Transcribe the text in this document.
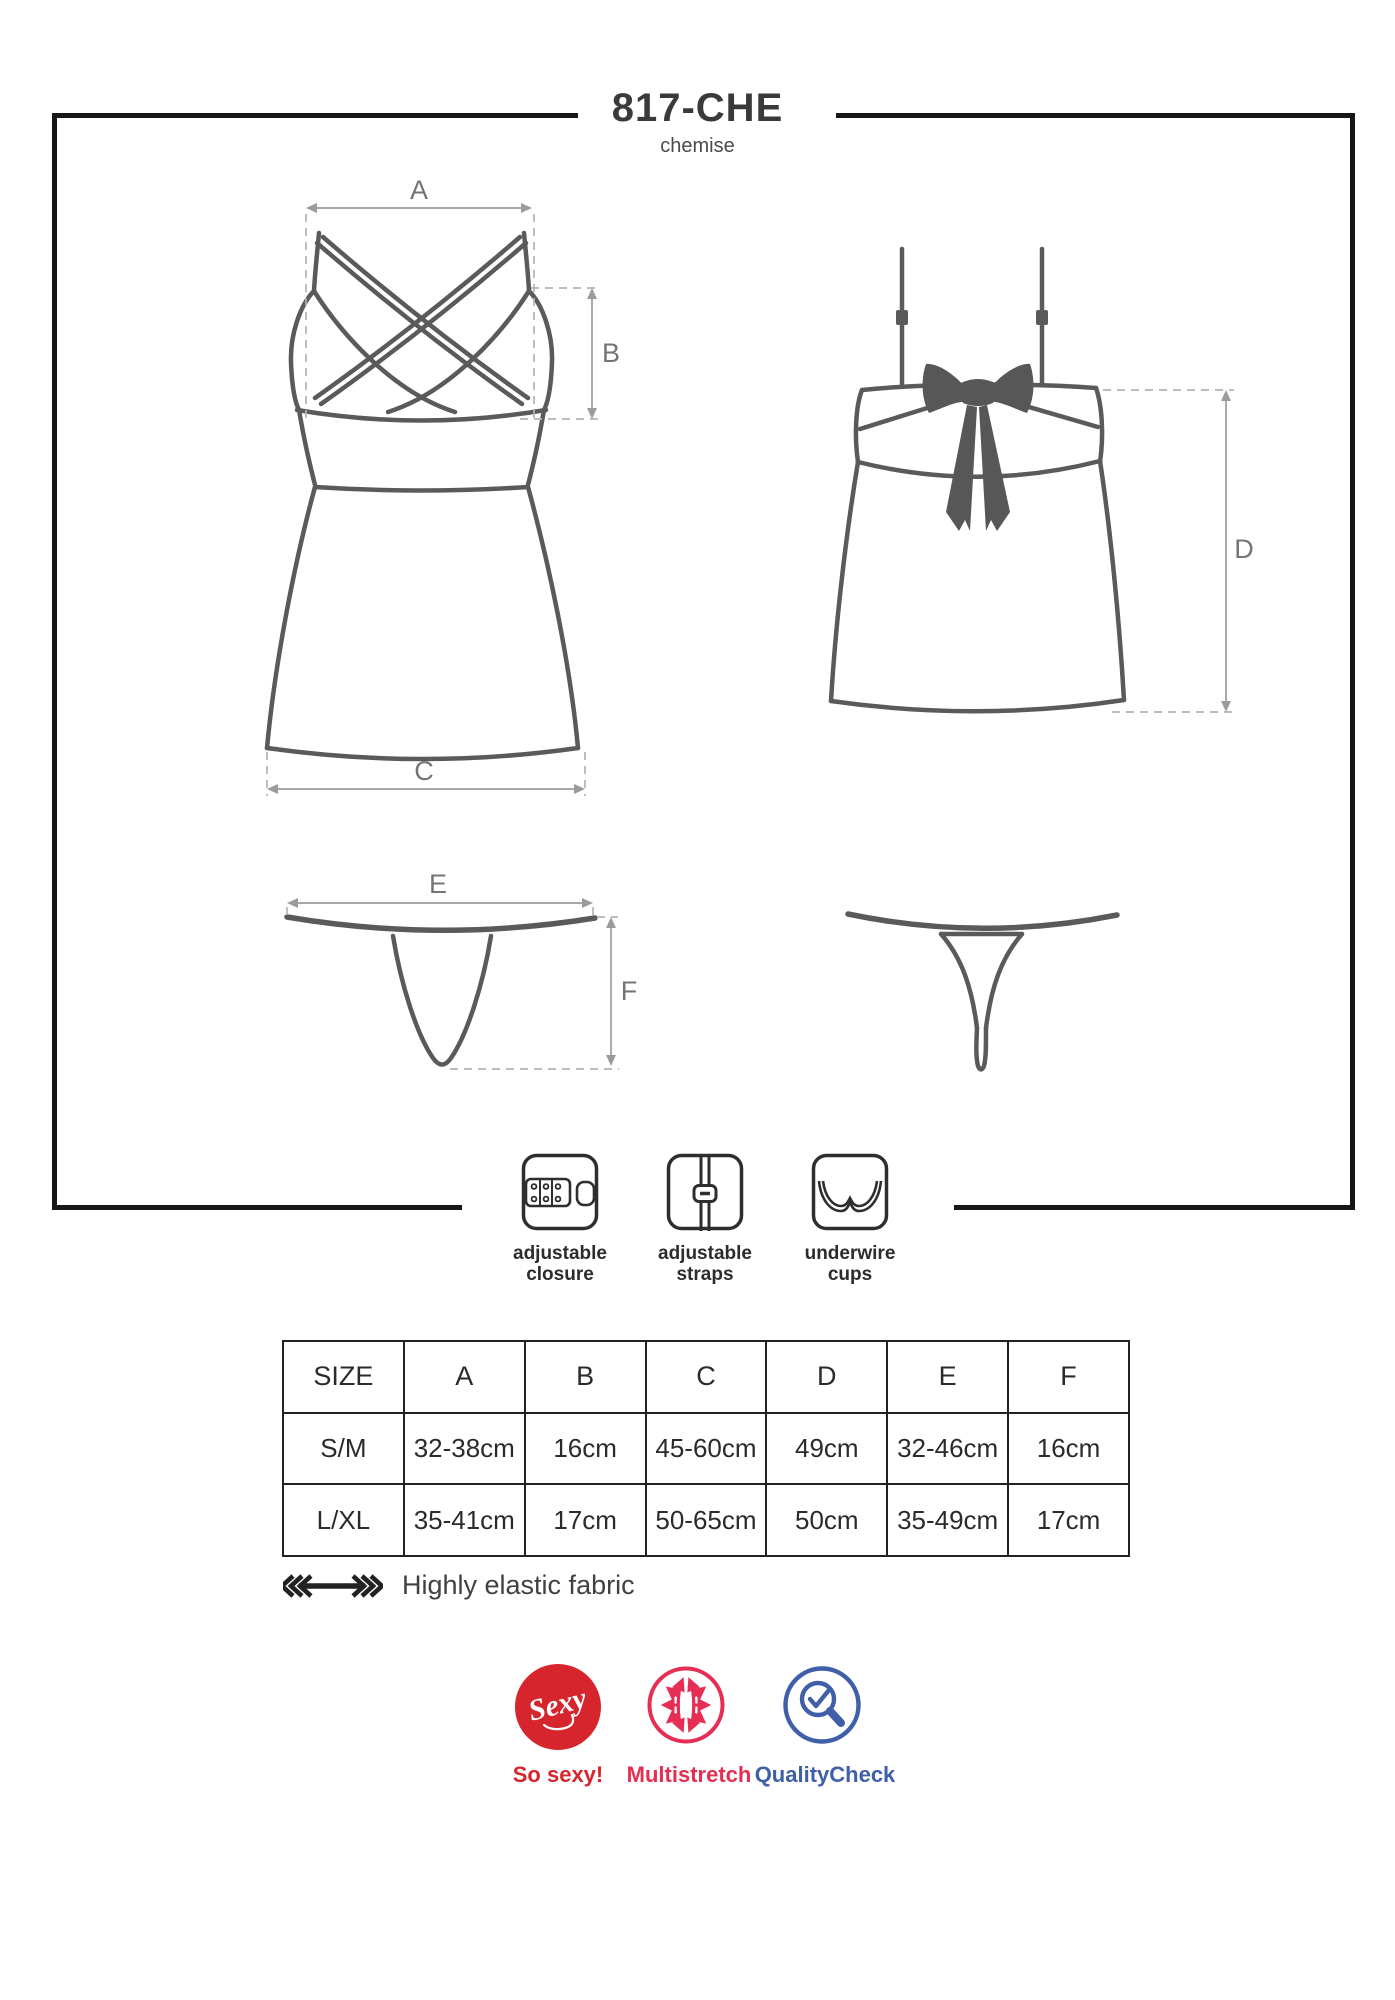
817-CHE
chemise
A
B
C
D
E
F
adjustable
closure
adjustable
straps
underwire
cups
SIZE	A	B	C	D	E	F
S/M	32-38cm	16cm	45-60cm	49cm	32-46cm	16cm
L/XL	35-41cm	17cm	50-65cm	50cm	35-49cm	17cm
Highly elastic fabric
Sexy
So sexy!	Multistretch QualityCheck
